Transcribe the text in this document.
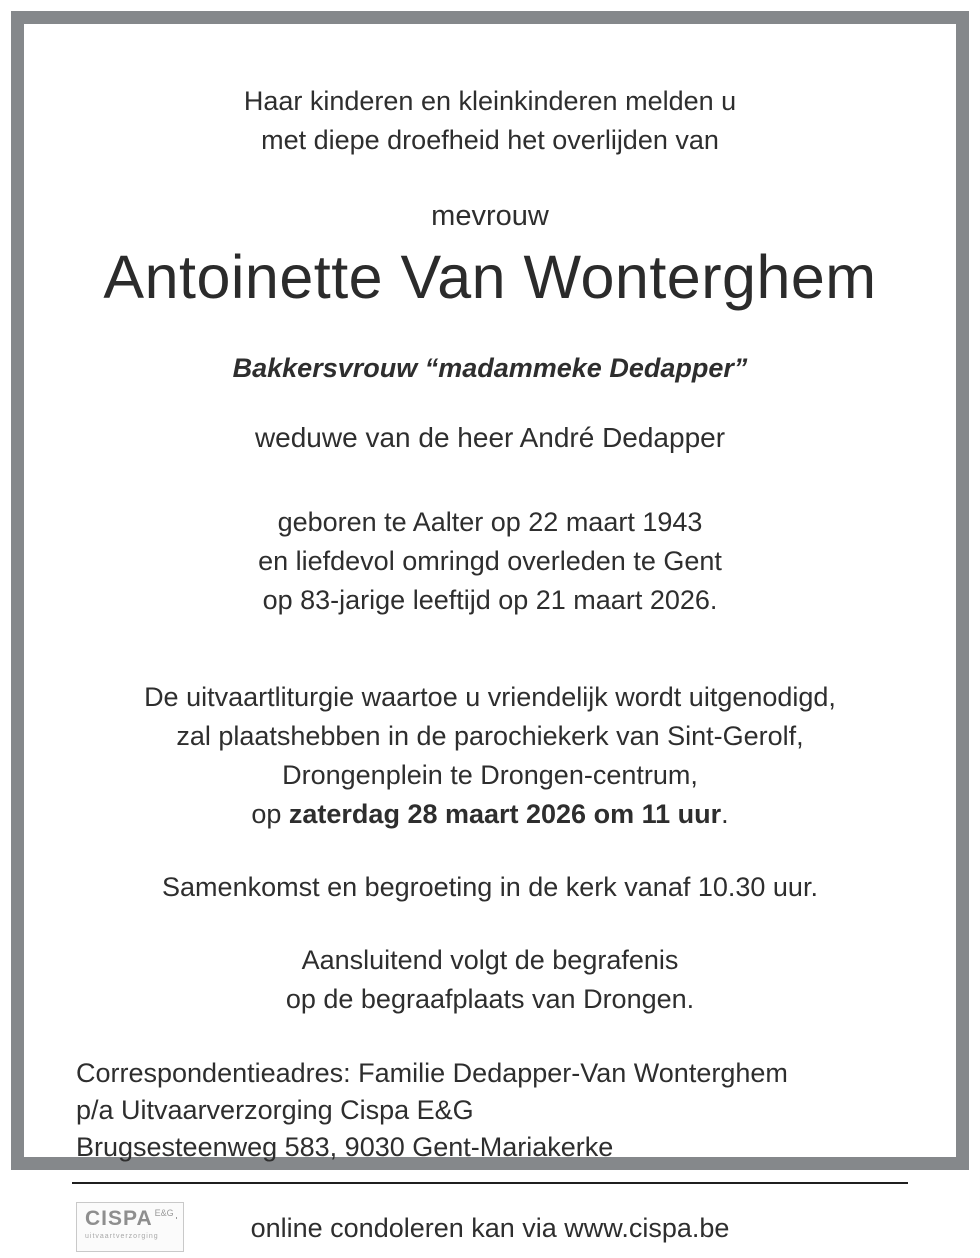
Haar kinderen en kleinkinderen melden u
met diepe droefheid het overlijden van
mevrouw
Antoinette Van Wonterghem
Bakkersvrouw “madammeke Dedapper”
weduwe van de heer André Dedapper
geboren te Aalter op 22 maart 1943
en liefdevol omringd overleden te Gent
op 83-jarige leeftijd op 21 maart 2026.
De uitvaartliturgie waartoe u vriendelijk wordt uitgenodigd,
zal plaatshebben in de parochiekerk van Sint-Gerolf,
Drongenplein te Drongen-centrum,
op zaterdag 28 maart 2026 om 11 uur.
Samenkomst en begroeting in de kerk vanaf 10.30 uur.
Aansluitend volgt de begrafenis
op de begraafplaats van Drongen.
Correspondentieadres: Familie Dedapper-Van Wonterghem
p/a Uitvaarverzorging Cispa E&G
Brugsesteenweg 583, 9030 Gent-Mariakerke
CISPA E&G
uitvaartverzorging	online condoleren kan via www.cispa.be
